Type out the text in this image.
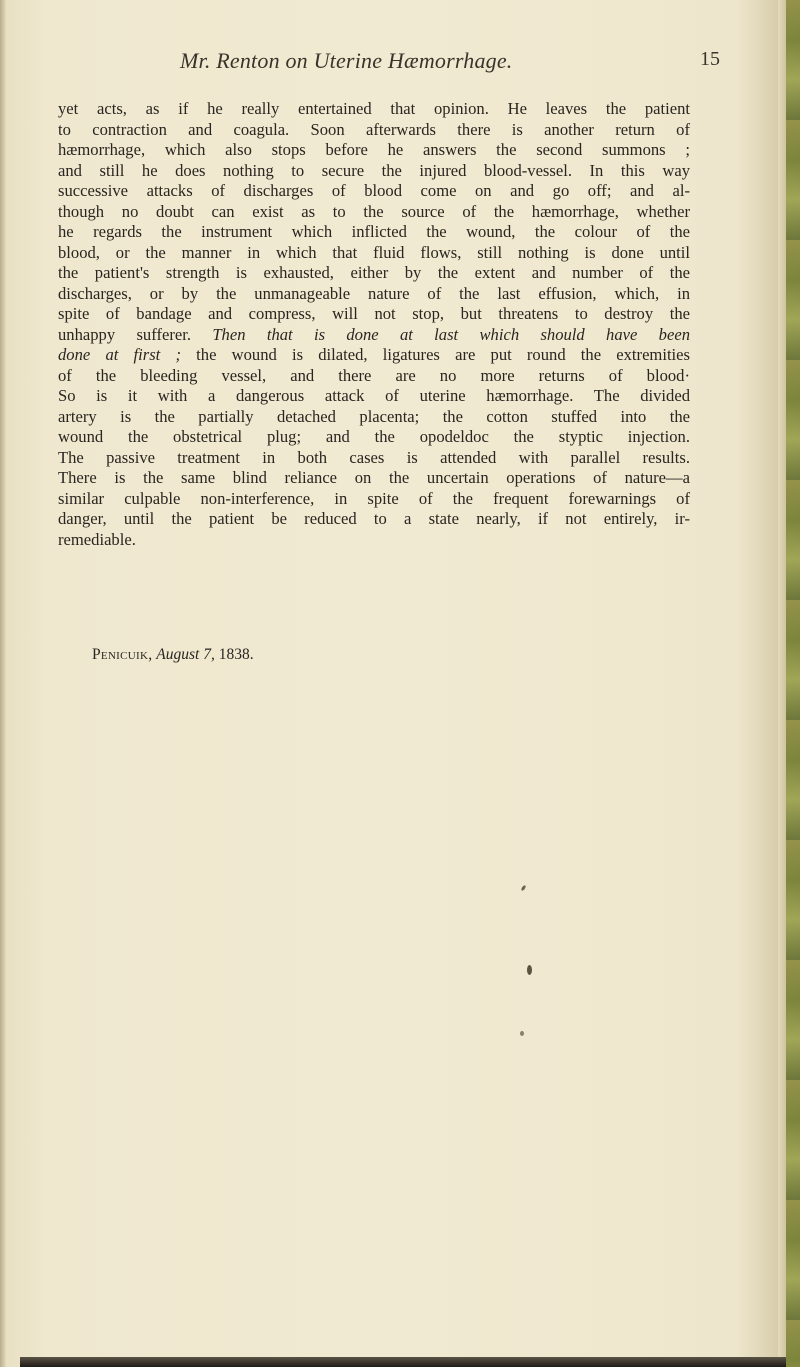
Mr. Renton on Uterine Hæmorrhage.	15
yet acts, as if he really entertained that opinion. He leaves the patient
to contraction and coagula. Soon afterwards there is another return of
hæmorrhage, which also stops before he answers the second summons ;
and still he does nothing to secure the injured blood-vessel. In this way
successive attacks of discharges of blood come on and go off; and al-
though no doubt can exist as to the source of the hæmorrhage, whether
he regards the instrument which inflicted the wound, the colour of the
blood, or the manner in which that fluid flows, still nothing is done until
the patient's strength is exhausted, either by the extent and number of the
discharges, or by the unmanageable nature of the last effusion, which, in
spite of bandage and compress, will not stop, but threatens to destroy the
unhappy sufferer. Then that is done at last which should have been
done at first ; the wound is dilated, ligatures are put round the extremities
of the bleeding vessel, and there are no more returns of blood·
So is it with a dangerous attack of uterine hæmorrhage. The divided
artery is the partially detached placenta; the cotton stuffed into the
wound the obstetrical plug; and the opodeldoc the styptic injection.
The passive treatment in both cases is attended with parallel results.
There is the same blind reliance on the uncertain operations of nature—a
similar culpable non-interference, in spite of the frequent forewarnings of
danger, until the patient be reduced to a state nearly, if not entirely, ir-
remediable.
Penicuik, August 7, 1838.
